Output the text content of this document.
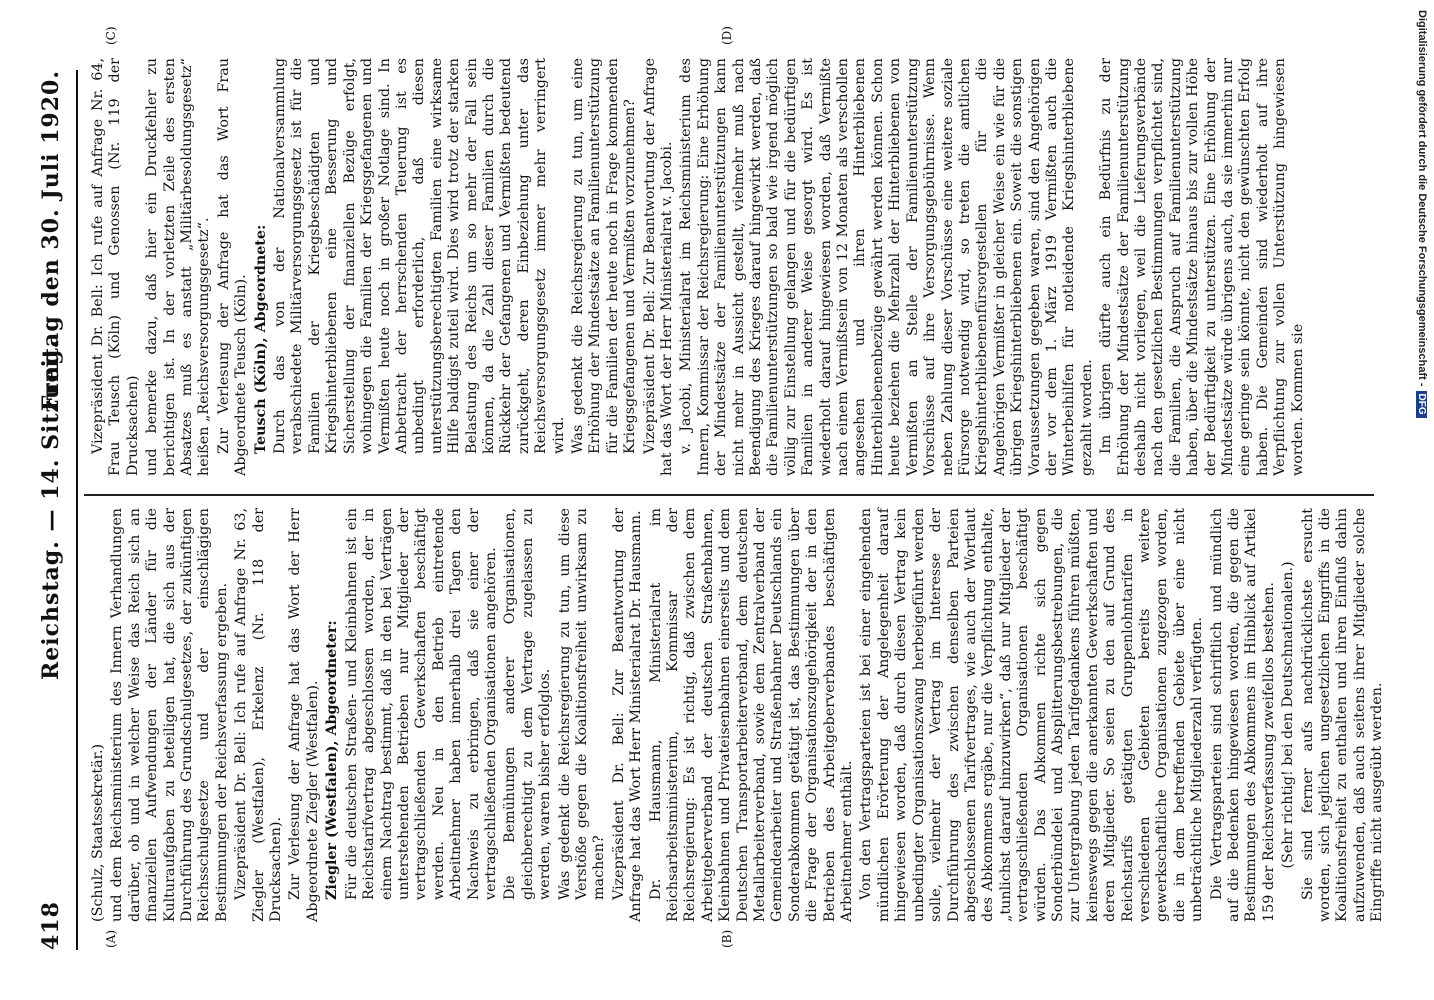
418
Reichstag. — 14. Sitzung.
Freitag den 30. Juli 1920.
(A)	(B)
(C)	(D)

(Schulz, Staatssekretär.) und dem Reichsministerium des Innern Verhandlungen darüber, ob und in welcher Weise das Reich sich an finanziellen Aufwendungen der Länder für die Kulturaufgaben zu beteiligen hat, die sich aus der Durchführung des Grundschulgesetzes, der zukünftigen Reichsschulgesetze und der einschlägigen Bestimmungen der Reichsverfassung ergeben. Vizepräsident Dr. Bell: Ich rufe auf Anfrage Nr. 63, Ziegler (Westfalen), Erkelenz (Nr. 118 der Drucksachen). Zur Verlesung der Anfrage hat das Wort der Herr Abgeordnete Ziegler (Westfalen). Ziegler (Westfalen), Abgeordneter: Für die deutschen Straßen- und Kleinbahnen ist ein Reichstarifvertrag abgeschlossen worden, der in einem Nachtrag bestimmt, daß in den bei Verträgen unterstehenden Betrieben nur Mitglieder der vertragschließenden Gewerkschaften beschäftigt werden. Neu in den Betrieb eintretende Arbeitnehmer haben innerhalb drei Tagen den Nachweis zu erbringen, daß sie einer der vertragschließenden Organisationen angehören. Die Bemühungen anderer Organisationen, gleichberechtigt zu dem Vertrage zugelassen zu werden, waren bisher erfolglos. Was gedenkt die Reichsregierung zu tun, um diese Verstöße gegen die Koalitionsfreiheit unwirksam zu machen? Vizepräsident Dr. Bell: Zur Beantwortung der Anfrage hat das Wort Herr Ministerialrat Dr. Hausmann. Dr. Hausmann, Ministerialrat im Reichsarbeitsministerium, Kommissar der Reichsregierung: Es ist richtig, daß zwischen dem Arbeitgeberverband der deutschen Straßenbahnen, Kleinbahnen und Privateisenbahnen einerseits und dem Deutschen Transportarbeiterverband, dem deutschen Metallarbeiterverband, sowie dem Zentralverband der Gemeindearbeiter und Straßenbahner Deutschlands ein Sonderabkommen getätigt ist, das Bestimmungen über die Frage der Organisationszugehörigkeit der in den Betrieben des Arbeitgeberverbandes beschäftigten Arbeitnehmer enthält. Von den Vertragsparteien ist bei einer eingehenden mündlichen Erörterung der Angelegenheit darauf hingewiesen worden, daß durch diesen Vertrag kein unbedingter Organisationszwang herbeigeführt werden solle, vielmehr der Vertrag im Interesse der Durchführung des zwischen denselben Parteien abgeschlossenen Tarifvertrages, wie auch der Wortlaut des Abkommens ergäbe, nur die Verpflichtung enthalte, „tunlichst darauf hinzuwirken“, daß nur Mitglieder der vertragschließenden Organisationen beschäftigt würden. Das Abkommen richte sich gegen Sonderbündelei und Absplitterungsbestrebungen, die zur Untergrabung jeden Tarifgedankens führen müßten, keineswegs gegen die anerkannten Gewerkschaften und deren Mitglieder. So seien zu den auf Grund des Reichstarifs getätigten Gruppenlohntarifen in verschiedenen Gebieten bereits weitere gewerkschaftliche Organisationen zugezogen worden, die in dem betreffenden Gebiete über eine nicht unbeträchtliche Mitgliederzahl verfügten. Die Vertragsparteien sind schriftlich und mündlich auf die Bedenken hingewiesen worden, die gegen die Bestimmungen des Abkommens im Hinblick auf Artikel 159 der Reichsverfassung zweifellos bestehen. (Sehr richtig! bei den Deutschnationalen.) Sie sind ferner aufs nachdrücklichste ersucht worden, sich jeglichen ungesetzlichen Eingriffs in die Koalitionsfreiheit zu enthalten und ihren Einfluß dahin aufzuwenden, daß auch seitens ihrer Mitglieder solche Eingriffe nicht ausgeübt werden.

Vizepräsident Dr. Bell: Ich rufe auf Anfrage Nr. 64, Frau Teusch (Köln) und Genossen (Nr. 119 der Drucksachen) und bemerke dazu, daß hier ein Druckfehler zu berichtigen ist. In der vorletzten Zeile des ersten Absatzes muß es anstatt „Militärbesoldungsgesetz“ heißen „Reichsversorgungsgesetz“. Zur Verlesung der Anfrage hat das Wort Frau Abgeordnete Teusch (Köln). Teusch (Köln), Abgeordnete: Durch das von der Nationalversammlung verabschiedete Militärversorgungsgesetz ist für die Familien der Kriegsbeschädigten und Kriegshinterbliebenen eine Besserung und Sicherstellung der finanziellen Bezüge erfolgt, wohingegen die Familien der Kriegsgefangenen und Vermißten heute noch in großer Notlage sind. In Anbetracht der herrschenden Teuerung ist es unbedingt erforderlich, daß diesen unterstützungsberechtigten Familien eine wirksame Hilfe baldigst zuteil wird. Dies wird trotz der starken Belastung des Reichs um so mehr der Fall sein können, da die Zahl dieser Familien durch die Rückkehr der Gefangenen und Vermißten bedeutend zurückgeht, deren Einbeziehung unter das Reichsversorgungsgesetz immer mehr verringert wird. Was gedenkt die Reichsregierung zu tun, um eine Erhöhung der Mindestsätze an Familienunterstützung für die Familien der heute noch in Frage kommenden Kriegsgefangenen und Vermißten vorzunehmen? Vizepräsident Dr. Bell: Zur Beantwortung der Anfrage hat das Wort der Herr Ministerialrat v. Jacobi. v. Jacobi, Ministerialrat im Reichsministerium des Innern, Kommissar der Reichsregierung: Eine Erhöhung der Mindestsätze der Familienunterstützungen kann nicht mehr in Aussicht gestellt, vielmehr muß nach Beendigung des Krieges darauf hingewirkt werden, daß die Familienunterstützungen so bald wie irgend möglich völlig zur Einstellung gelangen und für die bedürftigen Familien in anderer Weise gesorgt wird. Es ist wiederholt darauf hingewiesen worden, daß Vermißte nach einem Vermißtsein von 12 Monaten als verschollen angesehen und ihren Hinterbliebenen Hinterbliebenenbezüge gewährt werden können. Schon heute beziehen die Mehrzahl der Hinterbliebenen von Vermißten an Stelle der Familienunterstützung Vorschüsse auf ihre Versorgungsgebührnisse. Wenn neben Zahlung dieser Vorschüsse eine weitere soziale Fürsorge notwendig wird, so treten die amtlichen Kriegshinterbliebenenfürsorgestellen für die Angehörigen Vermißter in gleicher Weise ein wie für die übrigen Kriegshinterbliebenen ein. Soweit die sonstigen Voraussetzungen gegeben waren, sind den Angehörigen der vor dem 1. März 1919 Vermißten auch die Winterbeihilfen für notleidende Kriegshinterbliebene gezahlt worden. Im übrigen dürfte auch ein Bedürfnis zu der Erhöhung der Mindestsätze der Familienunterstützung deshalb nicht vorliegen, weil die Lieferungsverbände nach den gesetzlichen Bestimmungen verpflichtet sind, die Familien, die Anspruch auf Familienunterstützung haben, über die Mindestsätze hinaus bis zur vollen Höhe der Bedürftigkeit zu unterstützen. Eine Erhöhung der Mindestsätze würde übrigens auch, da sie immerhin nur eine geringe sein könnte, nicht den gewünschten Erfolg haben. Die Gemeinden sind wiederholt auf ihre Verpflichtung zur vollen Unterstützung hingewiesen worden. Kommen sie

Digitalisierung gefördert durch die Deutsche Forschungsgemeinschaft -DFG
